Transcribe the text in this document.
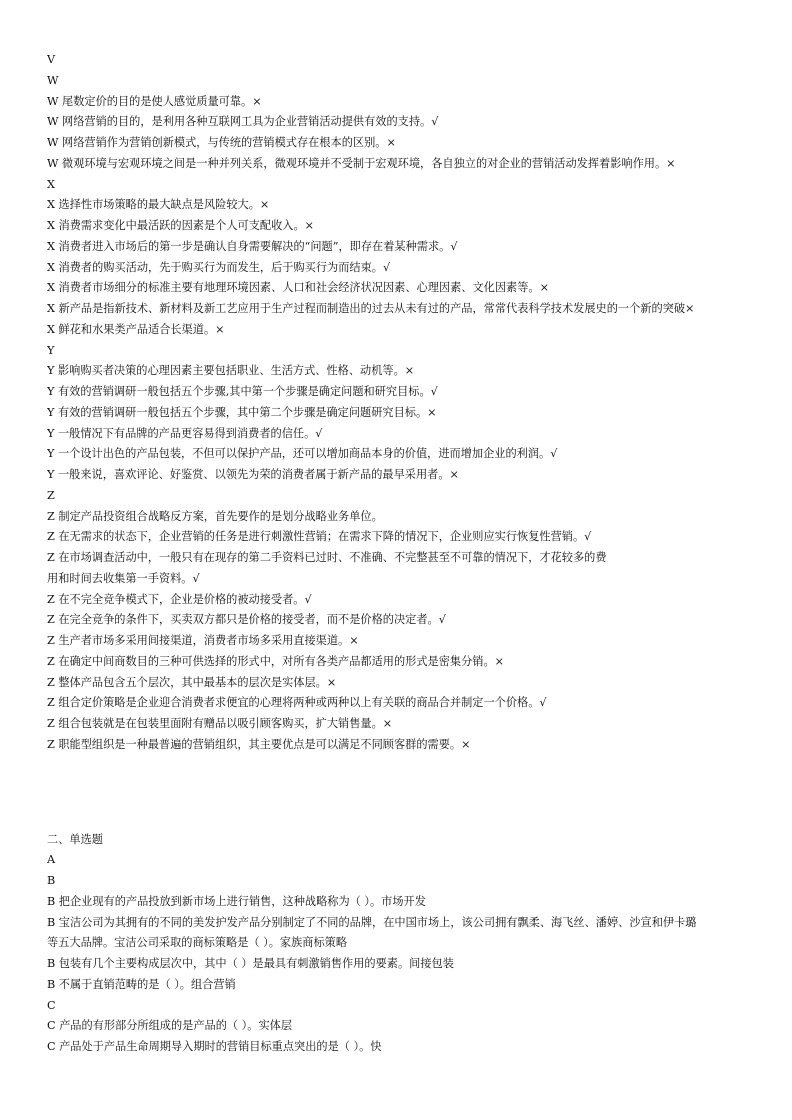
V
W
W 尾数定价的目的是使人感觉质量可靠。×
W 网络营销的目的，是利用各种互联网工具为企业营销活动提供有效的支持。√
W 网络营销作为营销创新模式，与传统的营销模式存在根本的区别。×
W 微观环境与宏观环境之间是一种并列关系，微观环境并不受制于宏观环境，各自独立的对企业的营销活动发挥着影响作用。×
X
X 选择性市场策略的最大缺点是风险较大。×
X 消费需求变化中最活跃的因素是个人可支配收入。×
X 消费者进入市场后的第一步是确认自身需要解决的“问题”，即存在着某种需求。√
X 消费者的购买活动，先于购买行为而发生，后于购买行为而结束。√
X 消费者市场细分的标准主要有地理环境因素、人口和社会经济状况因素、心理因素、文化因素等。×
X 新产品是指新技术、新材料及新工艺应用于生产过程而制造出的过去从未有过的产品，常常代表科学技术发展史的一个新的突破×
X 鲜花和水果类产品适合长渠道。×
Y
Y 影响购买者决策的心理因素主要包括职业、生活方式、性格、动机等。×
Y 有效的营销调研一般包括五个步骤,其中第一个步骤是确定问题和研究目标。√
Y 有效的营销调研一般包括五个步骤，其中第二个步骤是确定问题研究目标。×
Y 一般情况下有品牌的产品更容易得到消费者的信任。√
Y 一个设计出色的产品包装，不但可以保护产品，还可以增加商品本身的价值，进而增加企业的利润。√
Y 一般来说，喜欢评论、好鉴赏、以领先为荣的消费者属于新产品的最早采用者。×
Z
Z 制定产品投资组合战略反方案，首先要作的是划分战略业务单位。
Z 在无需求的状态下，企业营销的任务是进行刺激性营销；在需求下降的情况下，企业则应实行恢复性营销。√
Z 在市场调查活动中，一般只有在现存的第二手资料已过时、不准确、不完整甚至不可靠的情况下，才花较多的费
用和时间去收集第一手资料。√
Z 在不完全竞争模式下，企业是价格的被动接受者。√
Z 在完全竞争的条件下，买卖双方都只是价格的接受者，而不是价格的决定者。√
Z 生产者市场多采用间接渠道，消费者市场多采用直接渠道。×
Z 在确定中间商数目的三种可供选择的形式中，对所有各类产品都适用的形式是密集分销。×
Z 整体产品包含五个层次，其中最基本的层次是实体层。×
Z 组合定价策略是企业迎合消费者求便宜的心理将两种或两种以上有关联的商品合并制定一个价格。√
Z 组合包装就是在包装里面附有赠品以吸引顾客购买，扩大销售量。×
Z 职能型组织是一种最普遍的营销组织，其主要优点是可以满足不同顾客群的需要。×
二、单选题
A
B
B 把企业现有的产品投放到新市场上进行销售，这种战略称为（ ）。市场开发
B 宝洁公司为其拥有的不同的美发护发产品分别制定了不同的品牌，在中国市场上，该公司拥有飘柔、海飞丝、潘婷、沙宣和伊卡璐
等五大品牌。宝洁公司采取的商标策略是（ ）。家族商标策略
B 包装有几个主要构成层次中，其中（ ）是最具有刺激销售作用的要素。间接包装
B 不属于直销范畴的是（ ）。组合营销
C
C 产品的有形部分所组成的是产品的（ ）。实体层
C 产品处于产品生命周期导入期时的营销目标重点突出的是（ ）。快
